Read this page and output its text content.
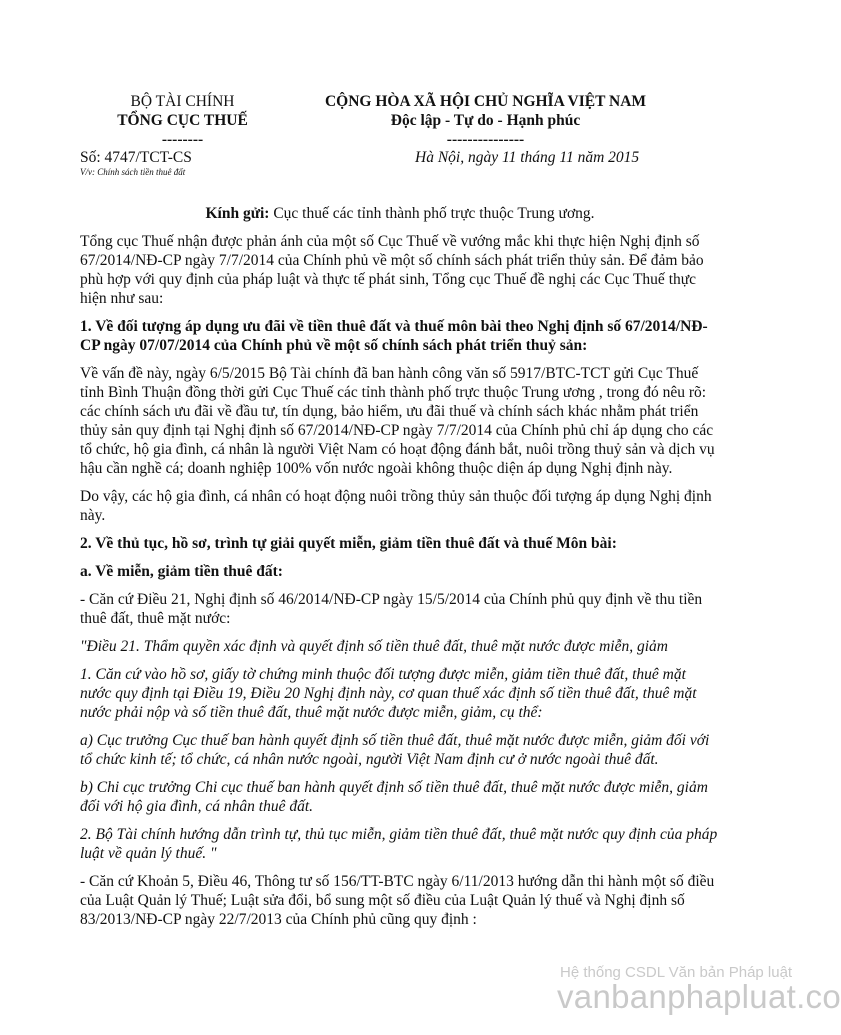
BỘ TÀI CHÍNH
TỔNG CỤC THUẾ
--------
CỘNG HÒA XÃ HỘI CHỦ NGHĨA VIỆT NAM
Độc lập - Tự do - Hạnh phúc
---------------
Số: 4747/TCT-CS
V/v: Chính sách tiền thuê đất
Hà Nội, ngày 11 tháng 11 năm 2015

Kính gửi: Cục thuế các tỉnh thành phố trực thuộc Trung ương.

Tổng cục Thuế nhận được phản ánh của một số Cục Thuế về vướng mắc khi thực hiện Nghị định số 67/2014/NĐ-CP ngày 7/7/2014 của Chính phủ về một số chính sách phát triển thủy sản. Để đảm bảo phù hợp với quy định của pháp luật và thực tế phát sinh, Tổng cục Thuế đề nghị các Cục Thuế thực hiện như sau:

1. Về đối tượng áp dụng ưu đãi về tiền thuê đất và thuế môn bài theo Nghị định số 67/2014/NĐ-CP ngày 07/07/2014 của Chính phủ về một số chính sách phát triển thuỷ sản:

Về vấn đề này, ngày 6/5/2015 Bộ Tài chính đã ban hành công văn số 5917/BTC-TCT gửi Cục Thuế tỉnh Bình Thuận đồng thời gửi Cục Thuế các tỉnh thành phố trực thuộc Trung ương , trong đó nêu rõ: các chính sách ưu đãi về đầu tư, tín dụng, bảo hiểm, ưu đãi thuế và chính sách khác nhằm phát triển thủy sản quy định tại Nghị định số 67/2014/NĐ-CP ngày 7/7/2014 của Chính phủ chỉ áp dụng cho các tổ chức, hộ gia đình, cá nhân là người Việt Nam có hoạt động đánh bắt, nuôi trồng thuỷ sản và dịch vụ hậu cần nghề cá; doanh nghiệp 100% vốn nước ngoài không thuộc diện áp dụng Nghị định này.

Do vậy, các hộ gia đình, cá nhân có hoạt động nuôi trồng thủy sản thuộc đối tượng áp dụng Nghị định này.

2. Về thủ tục, hồ sơ, trình tự giải quyết miễn, giảm tiền thuê đất và thuế Môn bài:

a. Về miễn, giảm tiền thuê đất:

- Căn cứ Điều 21, Nghị định số 46/2014/NĐ-CP ngày 15/5/2014 của Chính phủ quy định về thu tiền thuê đất, thuê mặt nước:

"Điều 21. Thẩm quyền xác định và quyết định số tiền thuê đất, thuê mặt nước được miễn, giảm

1. Căn cứ vào hồ sơ, giấy tờ chứng minh thuộc đối tượng được miễn, giảm tiền thuê đất, thuê mặt nước quy định tại Điều 19, Điều 20 Nghị định này, cơ quan thuế xác định số tiền thuê đất, thuê mặt nước phải nộp và số tiền thuê đất, thuê mặt nước được miễn, giảm, cụ thể:

a) Cục trưởng Cục thuế ban hành quyết định số tiền thuê đất, thuê mặt nước được miễn, giảm đối với tổ chức kinh tế; tổ chức, cá nhân nước ngoài, người Việt Nam định cư ở nước ngoài thuê đất.

b) Chi cục trưởng Chi cục thuế ban hành quyết định số tiền thuê đất, thuê mặt nước được miễn, giảm đối với hộ gia đình, cá nhân thuê đất.

2. Bộ Tài chính hướng dẫn trình tự, thủ tục miễn, giảm tiền thuê đất, thuê mặt nước quy định của pháp luật về quản lý thuế. "

- Căn cứ Khoản 5, Điều 46, Thông tư số 156/TT-BTC ngày 6/11/2013 hướng dẫn thi hành một số điều của Luật Quản lý Thuế; Luật sửa đổi, bổ sung một số điều của Luật Quản lý thuế và Nghị định số 83/2013/NĐ-CP ngày 22/7/2013 của Chính phủ cũng quy định :

Hệ thống CSDL Văn bản Pháp luật
vanbanphapluat.co
